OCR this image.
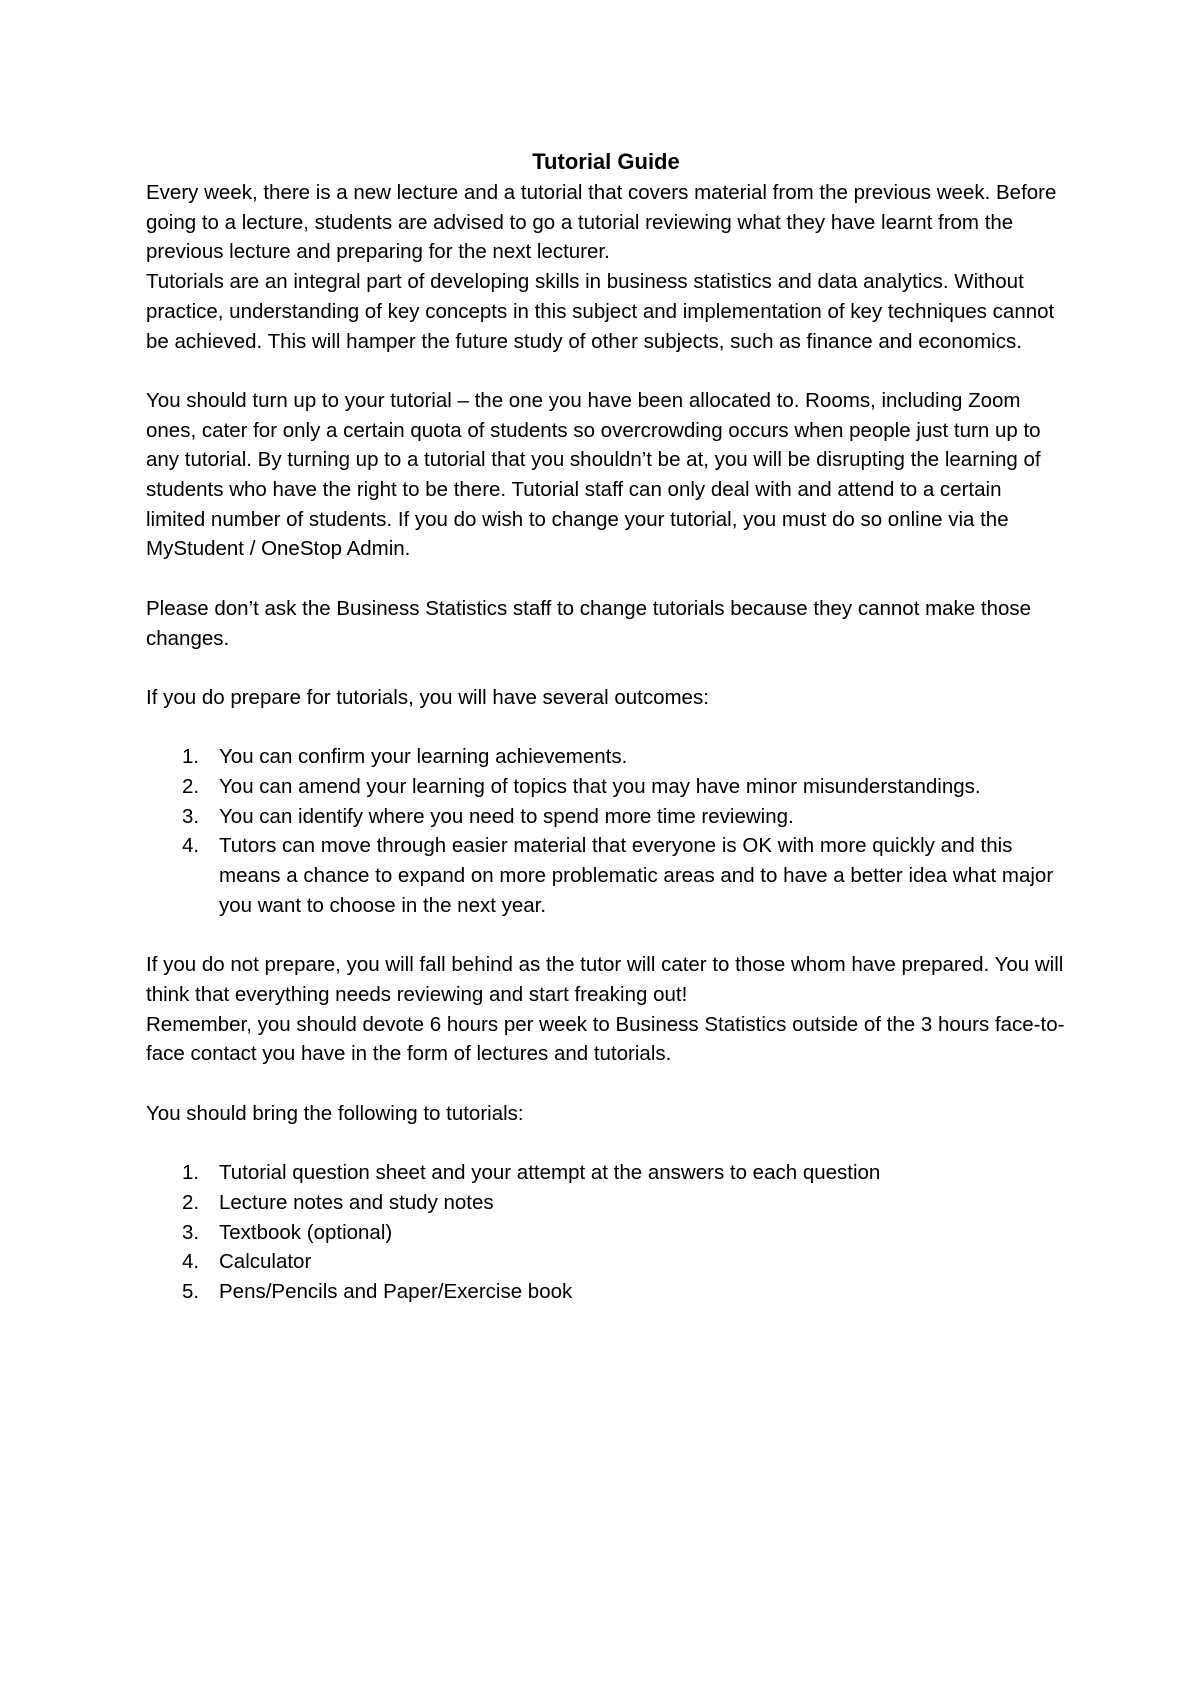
Tutorial Guide

Every week, there is a new lecture and a tutorial that covers material from the previous week. Before going to a lecture, students are advised to go a tutorial reviewing what they have learnt from the previous lecture and preparing for the next lecturer.

Tutorials are an integral part of developing skills in business statistics and data analytics. Without practice, understanding of key concepts in this subject and implementation of key techniques cannot be achieved. This will hamper the future study of other subjects, such as finance and economics.

You should turn up to your tutorial – the one you have been allocated to. Rooms, including Zoom ones, cater for only a certain quota of students so overcrowding occurs when people just turn up to any tutorial. By turning up to a tutorial that you shouldn’t be at, you will be disrupting the learning of students who have the right to be there. Tutorial staff can only deal with and attend to a certain limited number of students. If you do wish to change your tutorial, you must do so online via the MyStudent / OneStop Admin.

Please don’t ask the Business Statistics staff to change tutorials because they cannot make those changes.

If you do prepare for tutorials, you will have several outcomes:

1. You can confirm your learning achievements.
2. You can amend your learning of topics that you may have minor misunderstandings.
3. You can identify where you need to spend more time reviewing.
4. Tutors can move through easier material that everyone is OK with more quickly and this means a chance to expand on more problematic areas and to have a better idea what major you want to choose in the next year.

If you do not prepare, you will fall behind as the tutor will cater to those whom have prepared. You will think that everything needs reviewing and start freaking out!

Remember, you should devote 6 hours per week to Business Statistics outside of the 3 hours face-to-face contact you have in the form of lectures and tutorials.

You should bring the following to tutorials:

1. Tutorial question sheet and your attempt at the answers to each question
2. Lecture notes and study notes
3. Textbook (optional)
4. Calculator
5. Pens/Pencils and Paper/Exercise book
